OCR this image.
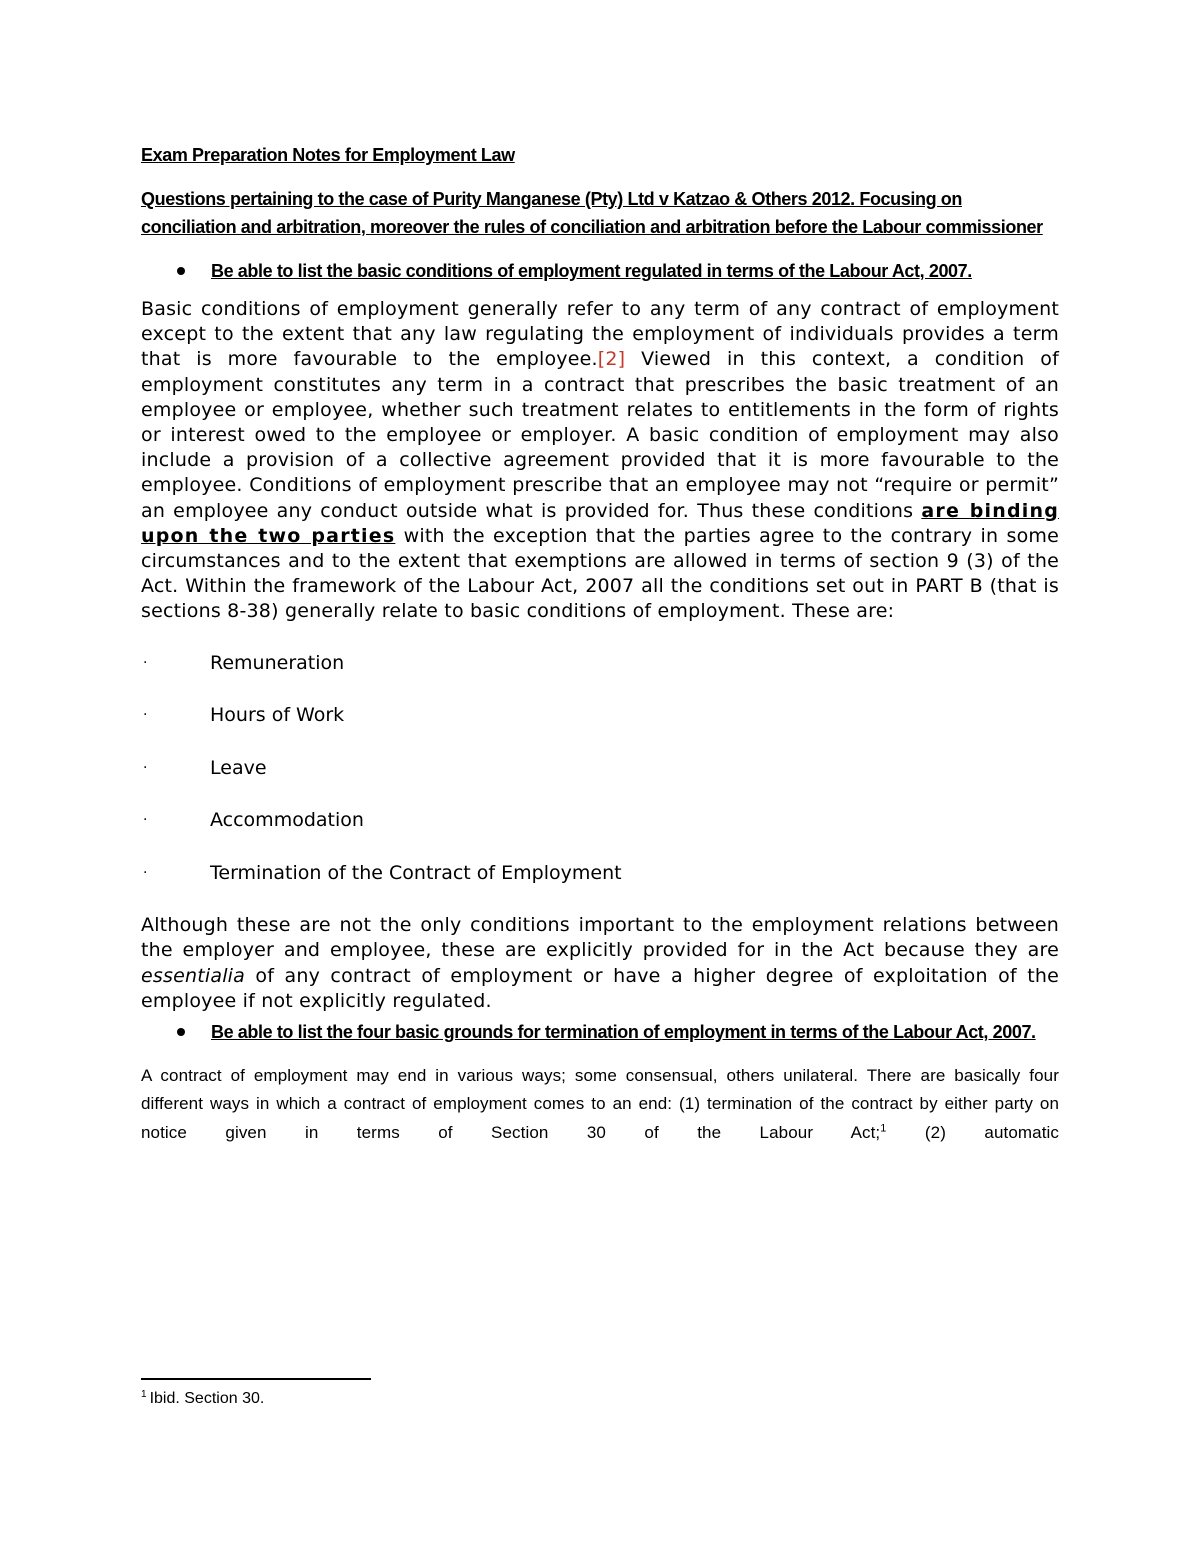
Exam Preparation Notes for Employment Law
Questions pertaining to the case of Purity Manganese (Pty) Ltd v Katzao & Others 2012. Focusing on conciliation and arbitration, moreover the rules of conciliation and arbitration before the Labour commissioner
Be able to list the basic conditions of employment regulated in terms of the Labour Act, 2007.

Basic conditions of employment generally refer to any term of any contract of employment except to the extent that any law regulating the employment of individuals provides a term that is more favourable to the employee.[2] Viewed in this context, a condition of employment constitutes any term in a contract that prescribes the basic treatment of an employee or employee, whether such treatment relates to entitlements in the form of rights or interest owed to the employee or employer. A basic condition of employment may also include a provision of a collective agreement provided that it is more favourable to the employee. Conditions of employment prescribe that an employee may not “require or permit” an employee any conduct outside what is provided for. Thus these conditions are binding upon the two parties with the exception that the parties agree to the contrary in some circumstances and to the extent that exemptions are allowed in terms of section 9 (3) of the Act. Within the framework of the Labour Act, 2007 all the conditions set out in PART B (that is sections 8-38) generally relate to basic conditions of employment. These are:

·	Remuneration
·	Hours of Work
·	Leave
·	Accommodation
·	Termination of the Contract of Employment

Although these are not the only conditions important to the employment relations between the employer and employee, these are explicitly provided for in the Act because they are essentialia of any contract of employment or have a higher degree of exploitation of the employee if not explicitly regulated.

Be able to list the four basic grounds for termination of employment in terms of the Labour Act, 2007.

A contract of employment may end in various ways; some consensual, others unilateral. There are basically four different ways in which a contract of employment comes to an end: (1) termination of the contract by either party on notice given in terms of Section 30 of the Labour Act;$^1$ (2) automatic

$^1$ Ibid. Section 30.
